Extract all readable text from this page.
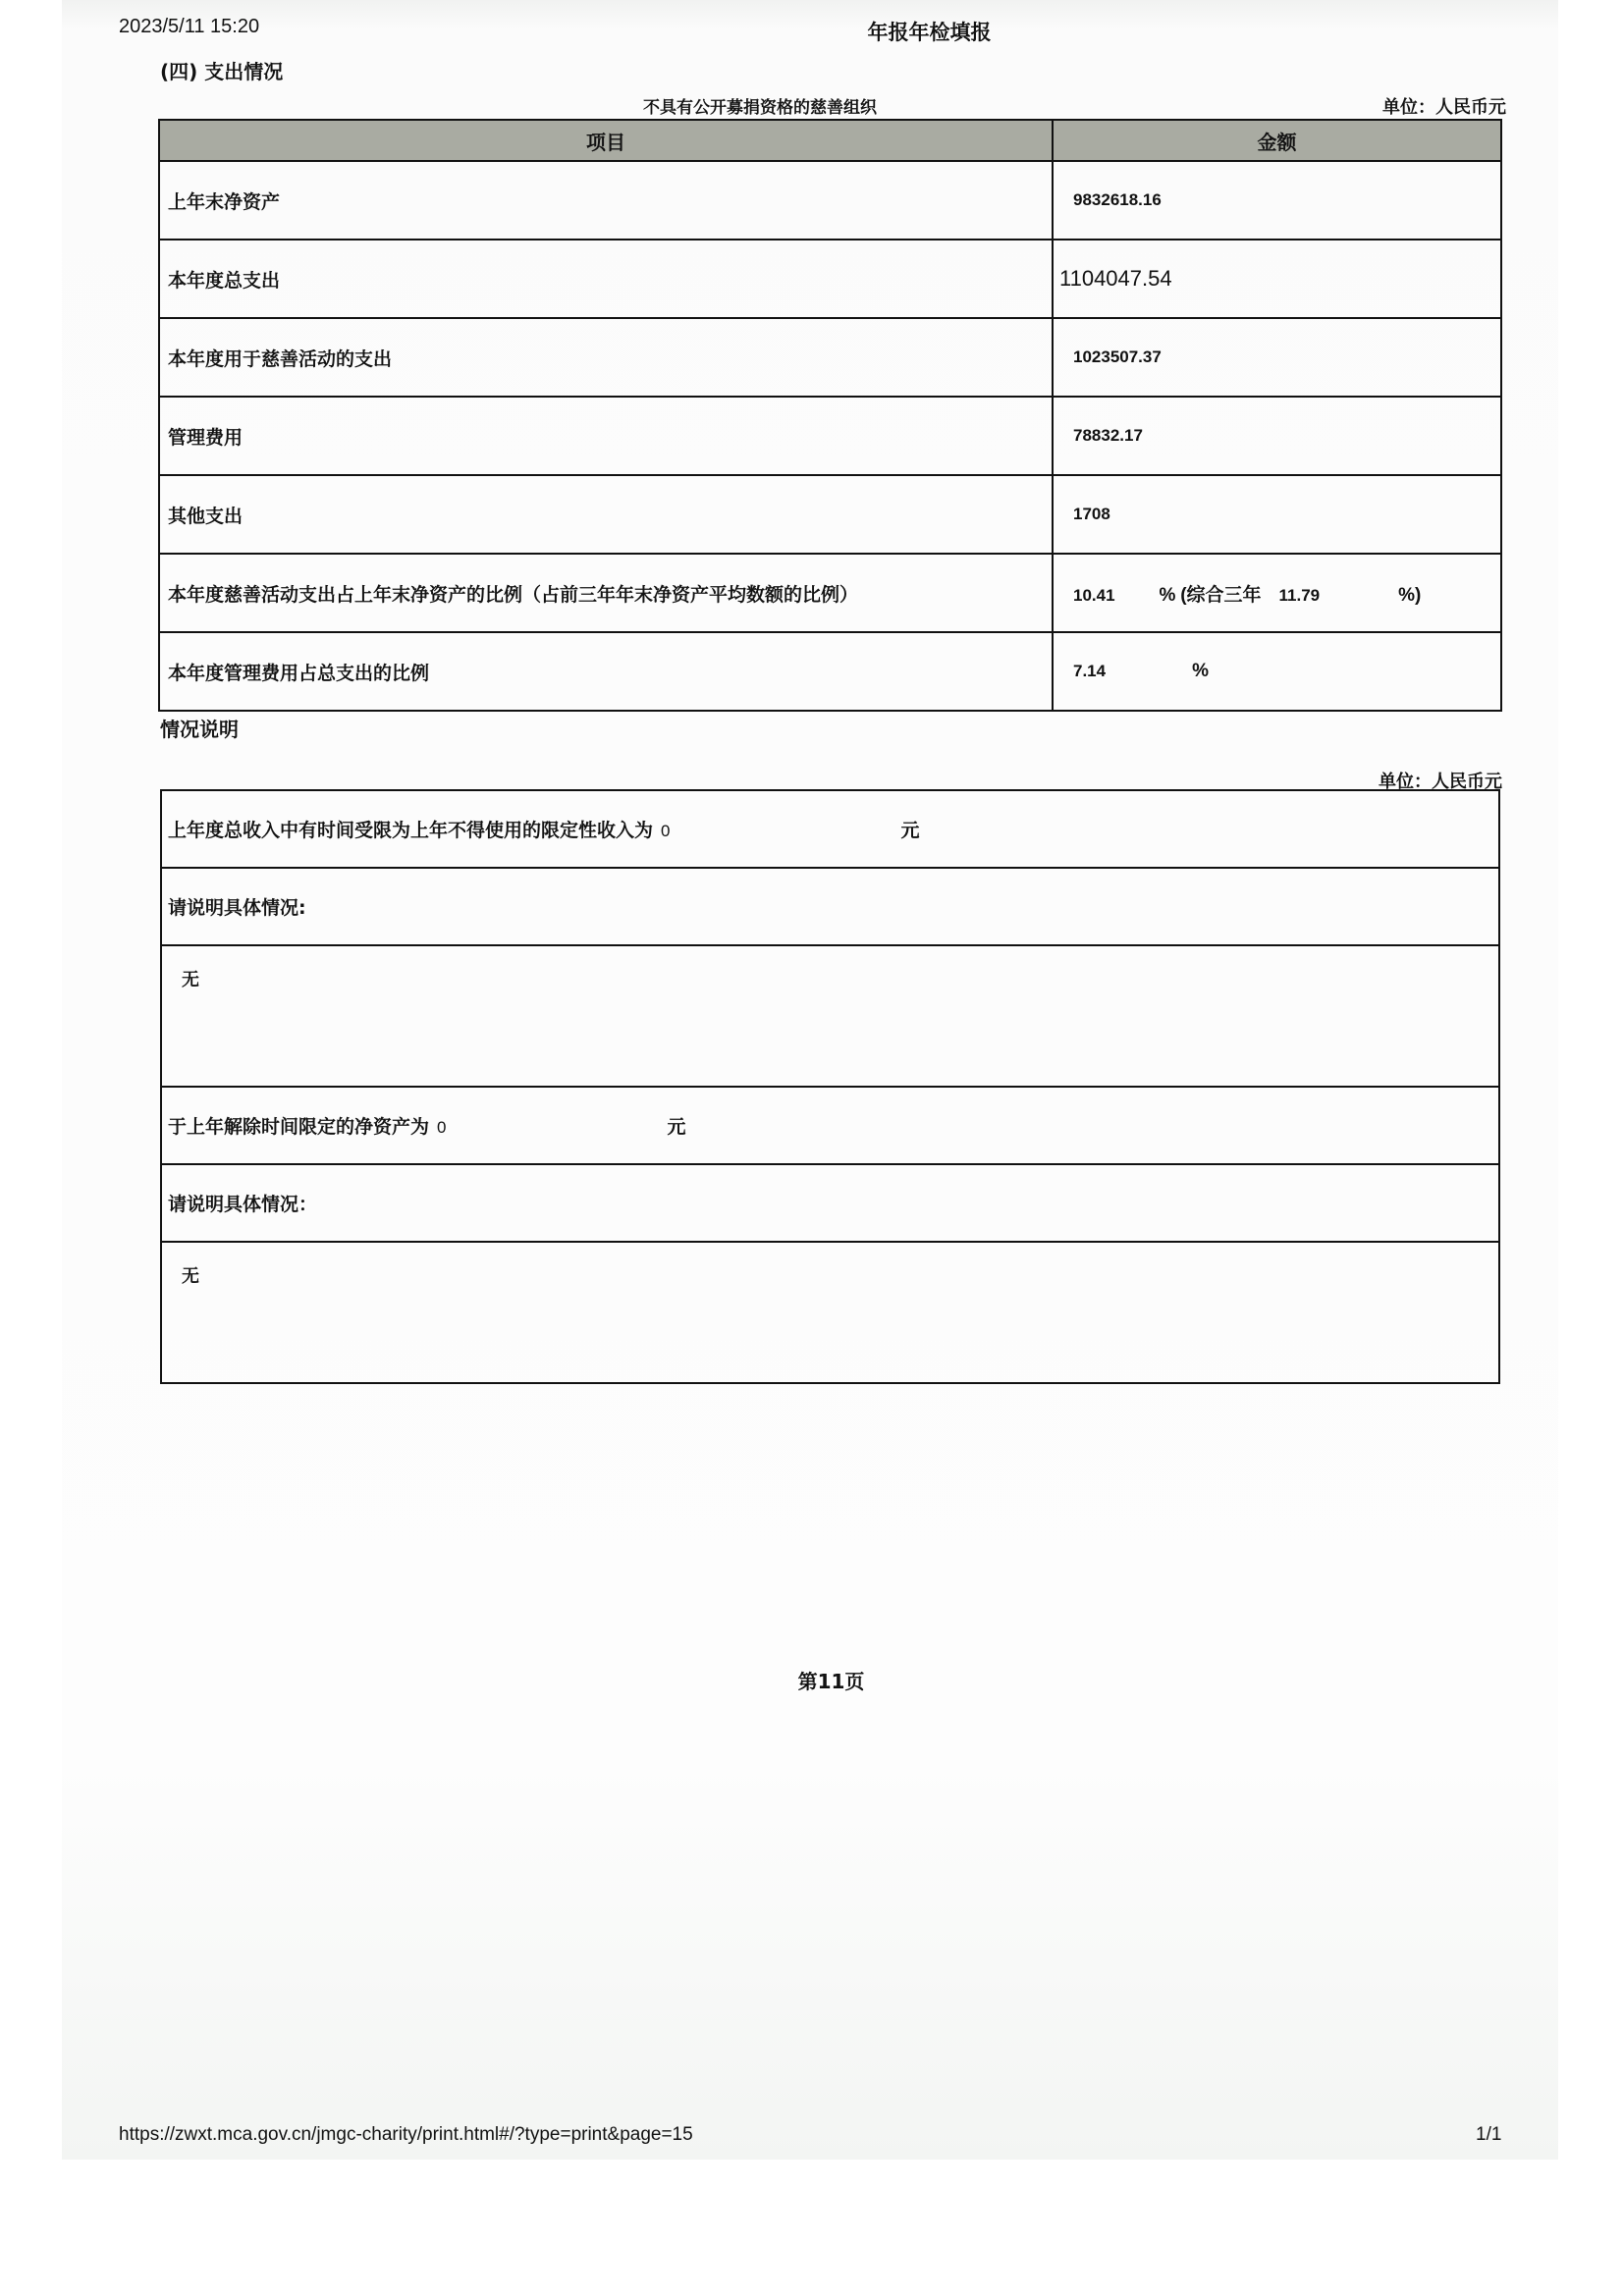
2023/5/11 15:20	年报年检填报
(四) 支出情况
不具有公开募捐资格的慈善组织	单位：人民币元
项目	金额
上年末净资产	9832618.16
本年度总支出	1104047.54
本年度用于慈善活动的支出	1023507.37
管理费用	78832.17
其他支出	1708
本年度慈善活动支出占上年末净资产的比例（占前三年年末净资产平均数额的比例）	10.41 % (综合三年 11.79 %)
本年度管理费用占总支出的比例	7.14 %
情况说明
单位：人民币元
上年度总收入中有时间受限为上年不得使用的限定性收入为 0	元
请说明具体情况:
无
于上年解除时间限定的净资产为 0	元
请说明具体情况：
无
第11页
https://zwxt.mca.gov.cn/jmgc-charity/print.html#/?type=print&page=15	1/1
